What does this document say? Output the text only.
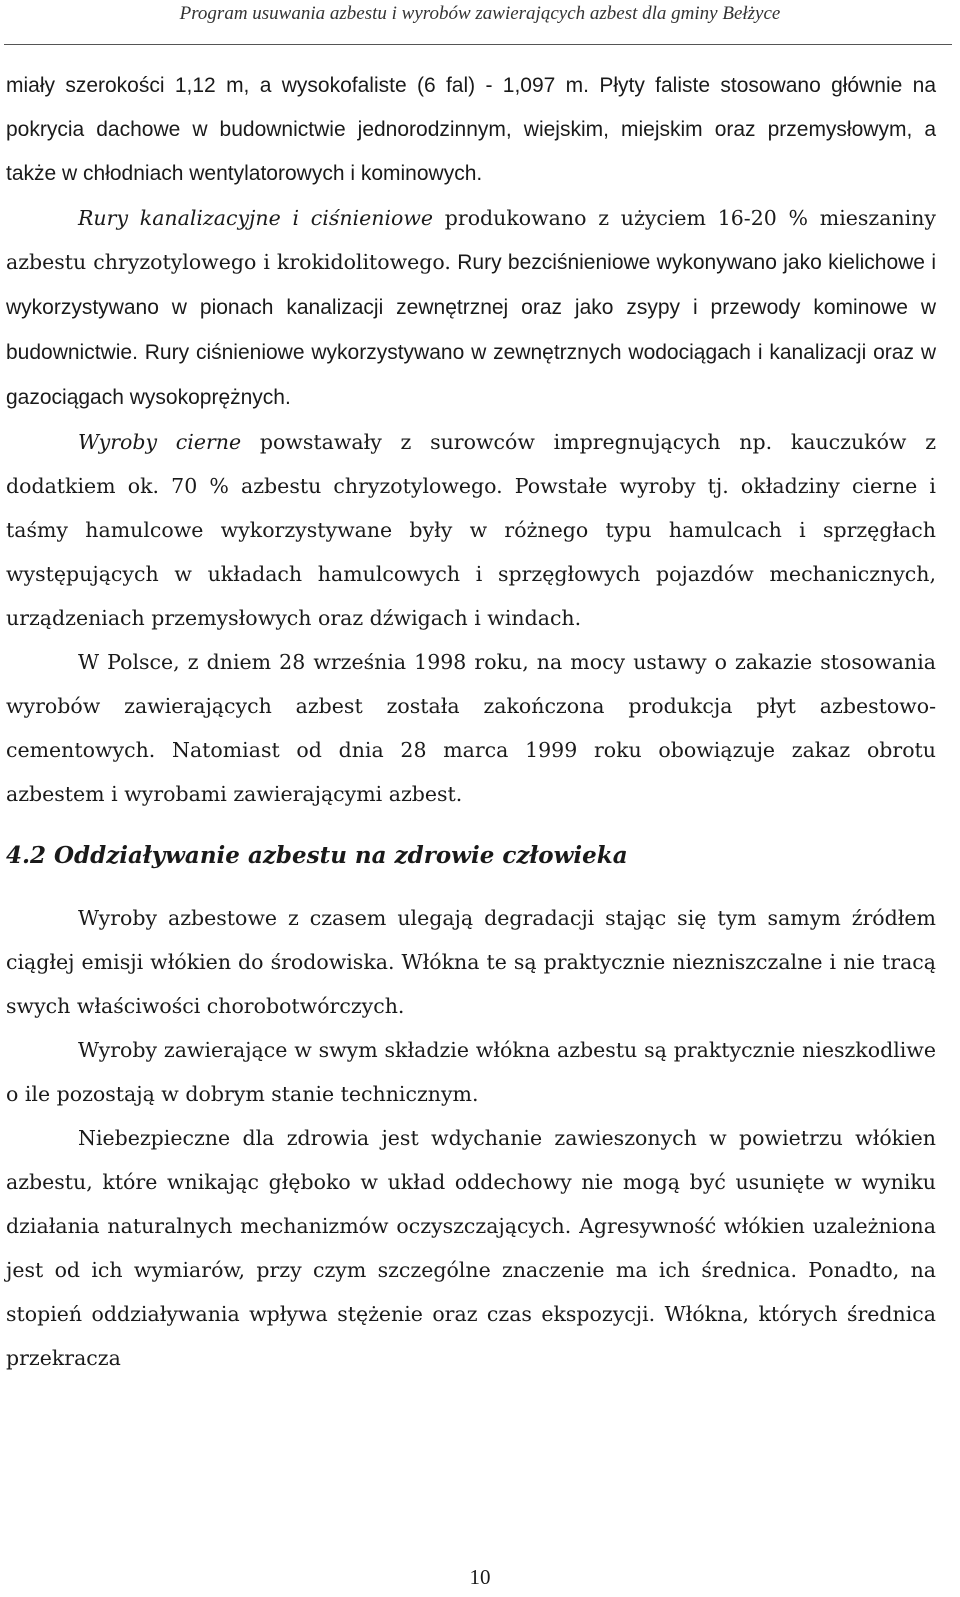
Program usuwania azbestu i wyrobów zawierających azbest dla gminy Bełżyce

miały szerokości 1,12 m, a wysokofaliste (6 fal) - 1,097 m. Płyty faliste stosowano głównie na pokrycia dachowe w budownictwie jednorodzinnym, wiejskim, miejskim oraz przemysłowym, a także w chłodniach wentylatorowych i kominowych.

Rury kanalizacyjne i ciśnieniowe produkowano z użyciem 16-20 % mieszaniny azbestu chryzotylowego i krokidolitowego. Rury bezciśnieniowe wykonywano jako kielichowe i wykorzystywano w pionach kanalizacji zewnętrznej oraz jako zsypy i przewody kominowe w budownictwie. Rury ciśnieniowe wykorzystywano w zewnętrznych wodociągach i kanalizacji oraz w gazociągach wysokoprężnych.

Wyroby cierne powstawały z surowców impregnujących np. kauczuków z dodatkiem ok. 70 % azbestu chryzotylowego. Powstałe wyroby tj. okładziny cierne i taśmy hamulcowe wykorzystywane były w różnego typu hamulcach i sprzęgłach występujących w układach hamulcowych i sprzęgłowych pojazdów mechanicznych, urządzeniach przemysłowych oraz dźwigach i windach.

W Polsce, z dniem 28 września 1998 roku, na mocy ustawy o zakazie stosowania wyrobów zawierających azbest została zakończona produkcja płyt azbestowo-cementowych. Natomiast od dnia 28 marca 1999 roku obowiązuje zakaz obrotu azbestem i wyrobami zawierającymi azbest.

4.2 Oddziaływanie azbestu na zdrowie człowieka

Wyroby azbestowe z czasem ulegają degradacji stając się tym samym źródłem ciągłej emisji włókien do środowiska. Włókna te są praktycznie niezniszczalne i nie tracą swych właściwości chorobotwórczych.

Wyroby zawierające w swym składzie włókna azbestu są praktycznie nieszkodliwe o ile pozostają w dobrym stanie technicznym.

Niebezpieczne dla zdrowia jest wdychanie zawieszonych w powietrzu włókien azbestu, które wnikając głęboko w układ oddechowy nie mogą być usunięte w wyniku działania naturalnych mechanizmów oczyszczających. Agresywność włókien uzależniona jest od ich wymiarów, przy czym szczególne znaczenie ma ich średnica. Ponadto, na stopień oddziaływania wpływa stężenie oraz czas ekspozycji. Włókna, których średnica przekracza

10
